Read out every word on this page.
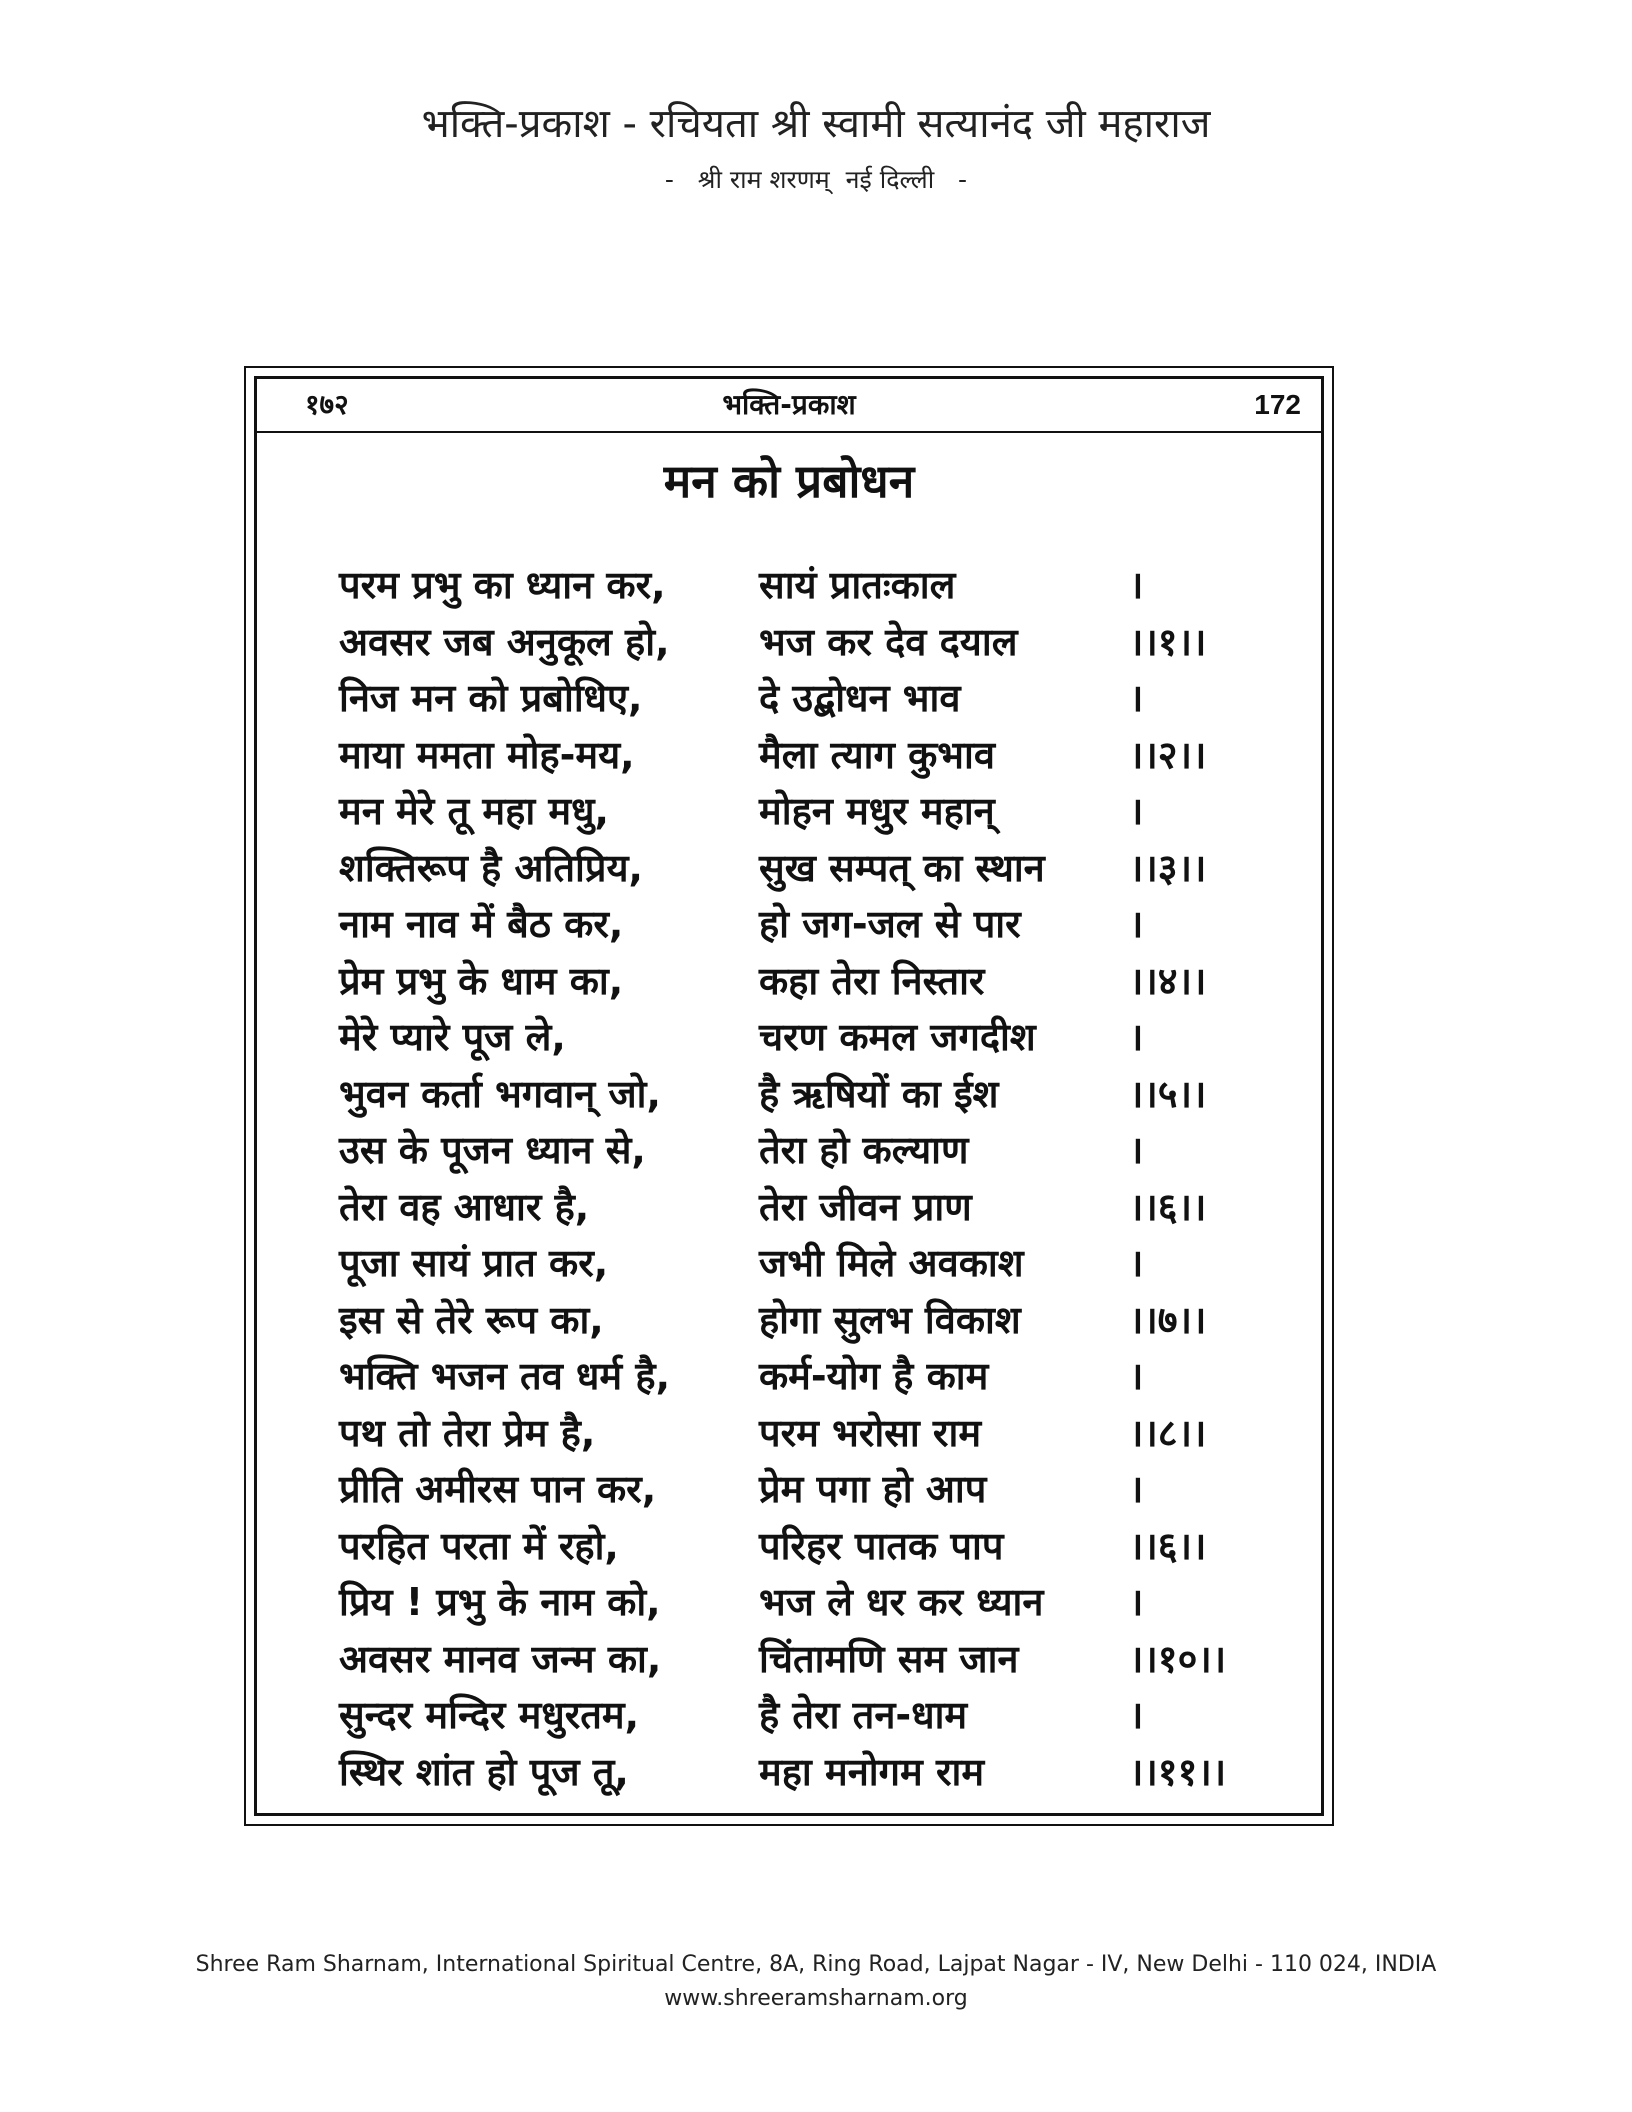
भक्ति-प्रकाश - रचियता श्री स्वामी सत्यानंद जी महाराज
-   श्री राम शरणम्  नई दिल्ली   -
१७२	भक्ति-प्रकाश	172
मन को प्रबोधन
परम प्रभु का ध्यान कर,	सायं प्रातःकाल	।
अवसर जब अनुकूल हो,	भज कर देव दयाल	।।१।।
निज मन को प्रबोधिए,	दे उद्बोधन भाव	।
माया ममता मोह-मय,	मैला त्याग कुभाव	।।२।।
मन मेरे तू महा मधु,	मोहन मधुर महान्	।
शक्तिरूप है अतिप्रिय,	सुख सम्पत् का स्थान	।।३।।
नाम नाव में बैठ कर,	हो जग-जल से पार	।
प्रेम प्रभु के धाम का,	कहा तेरा निस्तार	।।४।।
मेरे प्यारे पूज ले,	चरण कमल जगदीश	।
भुवन कर्ता भगवान् जो,	है ऋषियों का ईश	।।५।।
उस के पूजन ध्यान से,	तेरा हो कल्याण	।
तेरा वह आधार है,	तेरा जीवन प्राण	।।६।।
पूजा सायं प्रात कर,	जभी मिले अवकाश	।
इस से तेरे रूप का,	होगा सुलभ विकाश	।।७।।
भक्ति भजन तव धर्म है,	कर्म-योग है काम	।
पथ तो तेरा प्रेम है,	परम भरोसा राम	।।८।।
प्रीति अमीरस पान कर,	प्रेम पगा हो आप	।
परहित परता में रहो,	परिहर पातक पाप	।।६।।
प्रिय ! प्रभु के नाम को,	भज ले धर कर ध्यान	।
अवसर मानव जन्म का,	चिंतामणि सम जान	।।१०।।
सुन्दर मन्दिर मधुरतम,	है तेरा तन-धाम	।
स्थिर शांत हो पूज तू,	महा मनोगम राम	।।११।।
Shree Ram Sharnam, International Spiritual Centre, 8A, Ring Road, Lajpat Nagar - IV, New Delhi - 110 024, INDIA
www.shreeramsharnam.org
